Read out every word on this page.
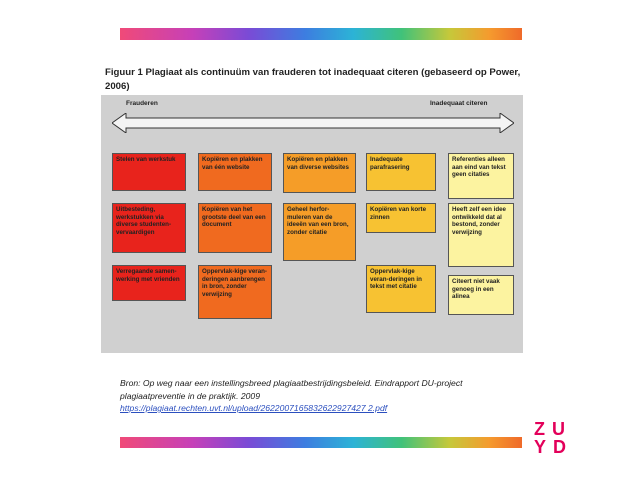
Figuur 1 Plagiaat als continuüm van frauderen tot inadequaat citeren (gebaseerd op Power, 2006)
Frauderen	Inadequaat citeren
Stelen van werkstuk
Uitbesteding, werkstukken via diverse studenten-vervaardigen
Verregaande samen-werking met vrienden
Kopiëren en plakken van één website
Kopiëren van het grootste deel van een document
Oppervlak-kige veran-deringen aanbrengen in bron, zonder verwijzing
Kopiëren en plakken van diverse websites
Geheel herfor-muleren van de ideeën van een bron, zonder citatie
Inadequate parafrasering
Kopiëren van korte zinnen
Oppervlak-kige veran-deringen in tekst met citatie
Referenties alleen aan eind van tekst geen citaties
Heeft zelf een idee ontwikkeld dat al bestond, zonder verwijzing
Citeert niet vaak genoeg in een alinea
Bron: Op weg naar een instellingsbreed plagiaatbestrijdingsbeleid. Eindrapport DU-project
plagiaatpreventie in de praktijk. 2009
https://plagiaat.rechten.uvt.nl/upload/2622007165832622927427 2.pdf
ZUYD
